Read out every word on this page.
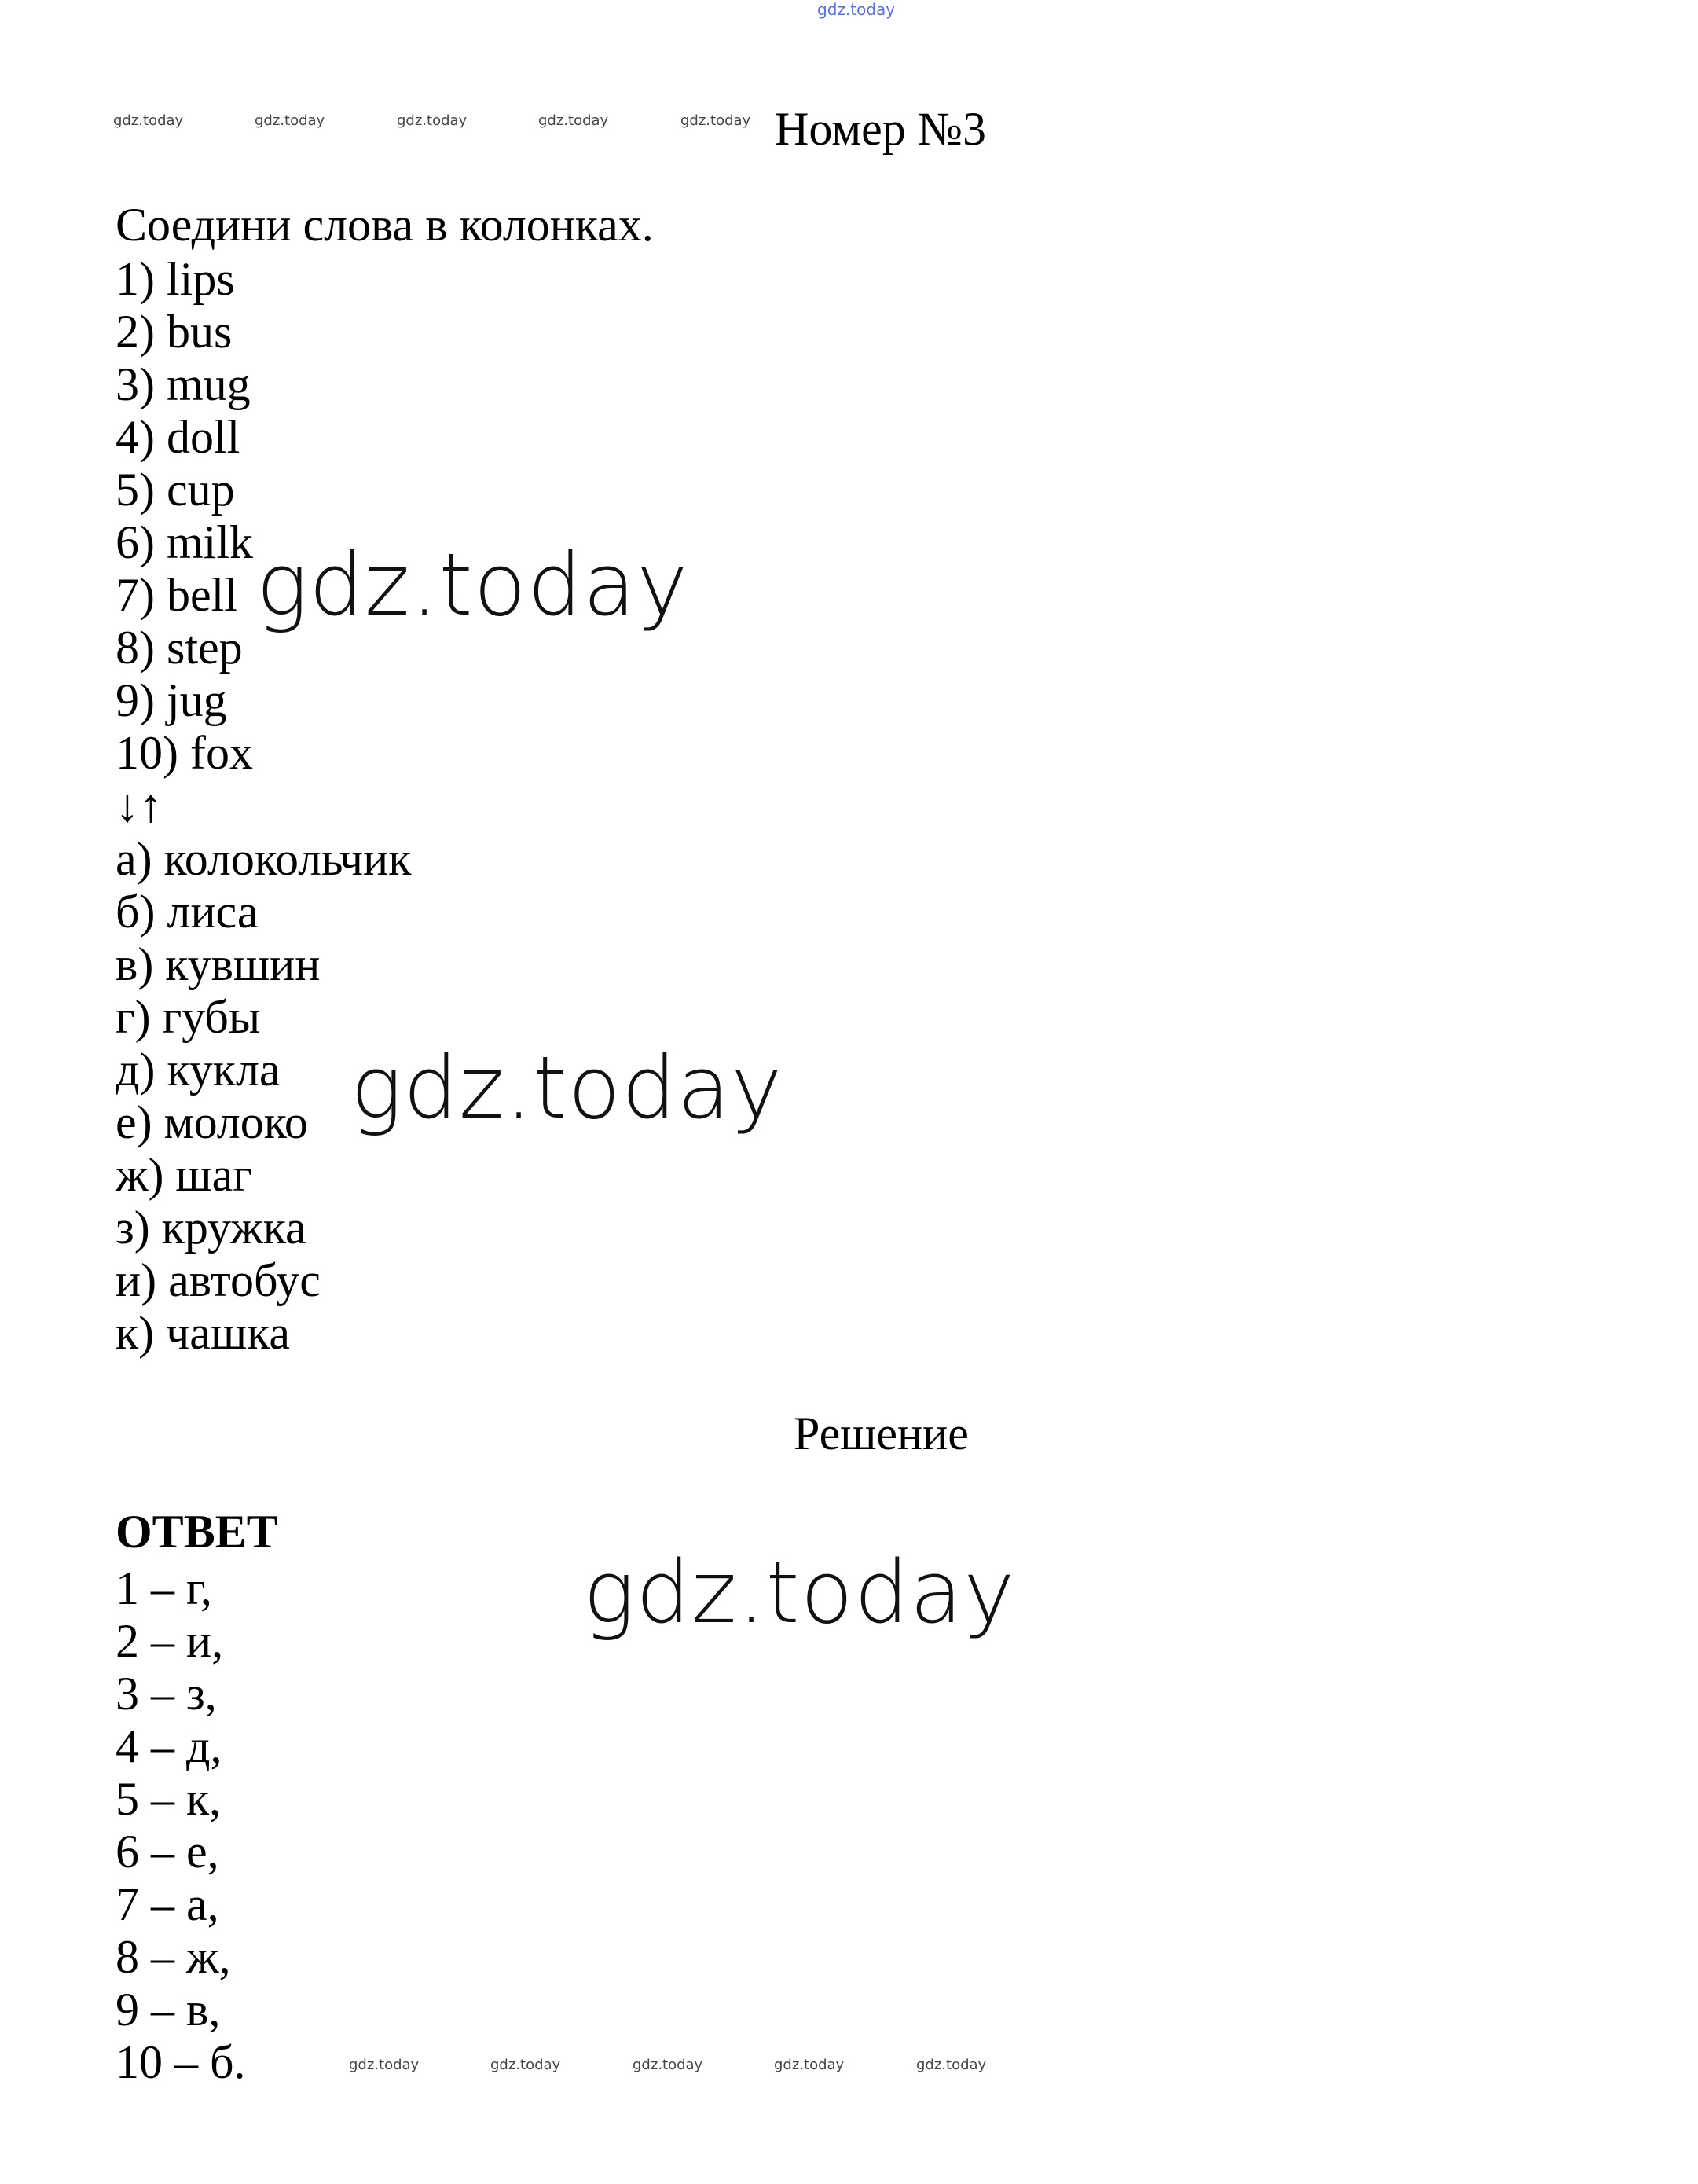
gdz.today
gdz.today	gdz.today	gdz.today	gdz.today	gdz.today Номер №3
Соедини слова в колонках.
1) lips
2) bus
3) mug
4) doll
5) cup
6) milk
7) bell
8) step
9) jug
10) fox
↓↑
а) колокольчик
б) лиса
в) кувшин
г) губы
д) кукла
е) молоко
ж) шаг
з) кружка
и) автобус
к) чашка
gdz.today
gdz.today
gdz.today
Решение
ОТВЕТ
1 – г,
2 – и,
3 – з,
4 – д,
5 – к,
6 – е,
7 – а,
8 – ж,
9 – в,
10 – б.	gdz.today	gdz.today	gdz.today	gdz.today	gdz.today
